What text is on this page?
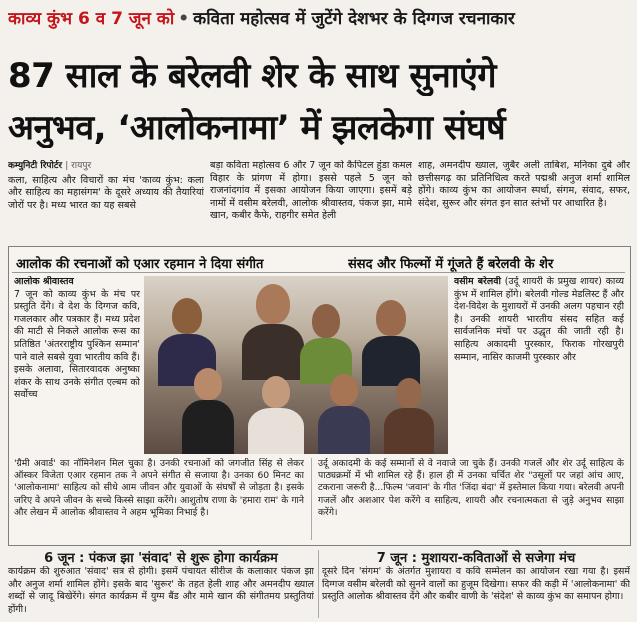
काव्य कुंभ 6 व 7 जून को • कविता महोत्सव में जुटेंगे देशभर के दिग्गज रचनाकार
87 साल के बरेलवी शेर के साथ सुनाएंगे
अनुभव, ‘आलोकनामा’ में झलकेगा संघर्ष
कम्युनिटी रिपोर्टर | रायपुर
कला, साहित्य और विचारों का मंच 'काव्य कुंभ: कला और साहित्य का महासंगम' के दूसरे अध्याय की तैयारियां जोरों पर है। मध्य भारत का यह सबसे
बड़ा कविता महोत्सव 6 और 7 जून को कैपिटल हुंडा कमल विहार के प्रांगण में होगा। इससे पहले 5 जून को राजनांदगांव में इसका आयोजन किया जाएगा। इसमें बड़े नामों में वसीम बरेलवी, आलोक श्रीवास्तव, पंकज झा, मामे खान, कबीर कैफे, राहगीर समेत हेली
शाह, अमनदीप ख्याल, जुबैर अली ताबिश, मनिका दुबे और छत्तीसगढ़ का प्रतिनिधित्व करते पद्मश्री अनुज शर्मा शामिल होंगे। काव्य कुंभ का आयोजन स्पर्धा, संगम, संवाद, सफर, संदेश, सुरूर और संगत इन सात स्तंभों पर आधारित है।
आलोक की रचनाओं को एआर रहमान ने दिया संगीत	संसद और फिल्मों में गूंजते हैं बरेलवी के शेर
आलोक श्रीवास्तव
7 जून को काव्य कुंभ के मंच पर प्रस्तुति देंगे। वे देश के दिग्गज कवि, गजलकार और पत्रकार हैं। मध्य प्रदेश की माटी से निकले आलोक रूस का प्रतिष्ठित 'अंतरराष्ट्रीय पुश्किन सम्मान' पाने वाले सबसे युवा भारतीय कवि हैं। इसके अलावा, सितारवादक अनुष्का शंकर के साथ उनके संगीत एल्बम को सर्वोच्च
वसीम बरेलवी (उर्दू शायरी के प्रमुख शायर) काव्य कुंभ में शामिल होंगे। बरेलवी गोल्ड मेडलिस्ट हैं और देश-विदेश के मुशायरों में उनकी अलग पहचान रही है। उनकी शायरी भारतीय संसद सहित कई सार्वजनिक मंचों पर उद्धृत की जाती रही है। साहित्य अकादमी पुरस्कार, फिराक गोरखपुरी सम्मान, नासिर काजमी पुरस्कार और
'ग्रैमी अवार्ड' का नॉमिनेशन मिल चुका है। उनकी रचनाओं को जगजीत सिंह से लेकर ऑस्कर विजेता एआर रहमान तक ने अपने संगीत से सजाया है। उनका 60 मिनट का 'आलोकनामा' साहित्य को सीधे आम जीवन और युवाओं के संघर्षों से जोड़ता है। इसके जरिए वे अपने जीवन के सच्चे किस्से साझा करेंगे। आशुतोष राणा के 'हमारा राम' के गाने और लेखन में आलोक श्रीवास्तव ने अहम भूमिका निभाई है।
उर्दू अकादमी के कई सम्मानों से वे नवाजे जा चुके हैं। उनकी गजलें और शेर उर्दू साहित्य के पाठ्यक्रमों में भी शामिल रहे हैं। हाल ही में उनका चर्चित शेर "उसूलों पर जहां आंच आए, टकराना जरूरी है...फिल्म 'जवान' के गीत 'जिंदा बंदा' में इस्तेमाल किया गया। बरेलवी अपनी गजलें और अशआर पेश करेंगे व साहित्य, शायरी और रचनात्मकता से जुड़े अनुभव साझा करेंगे।
6 जून : पंकज झा 'संवाद' से शुरू होगा कार्यक्रम
कार्यक्रम की शुरुआत 'संवाद' सत्र से होगी। इसमें पंचायत सीरीज के कलाकार पंकज झा और अनुज शर्मा शामिल होंगे। इसके बाद 'सुरूर' के तहत हेली शाह और अमनदीप ख्याल शब्दों से जादू बिखेरेंगे। संगत कार्यक्रम में युग्म बैंड और मामे खान की संगीतमय प्रस्तुतियां होंगी।
7 जून : मुशायरा-कविताओं से सजेगा मंच
दूसरे दिन 'संगम' के अंतर्गत मुशायरा व कवि सम्मेलन का आयोजन रखा गया है। इसमें दिग्गज वसीम बरेलवी को सुनने वालों का हुजूम दिखेगा। सफर की कड़ी में 'आलोकनामा' की प्रस्तुति आलोक श्रीवास्तव देंगे और कबीर वाणी के 'संदेश' से काव्य कुंभ का समापन होगा।
